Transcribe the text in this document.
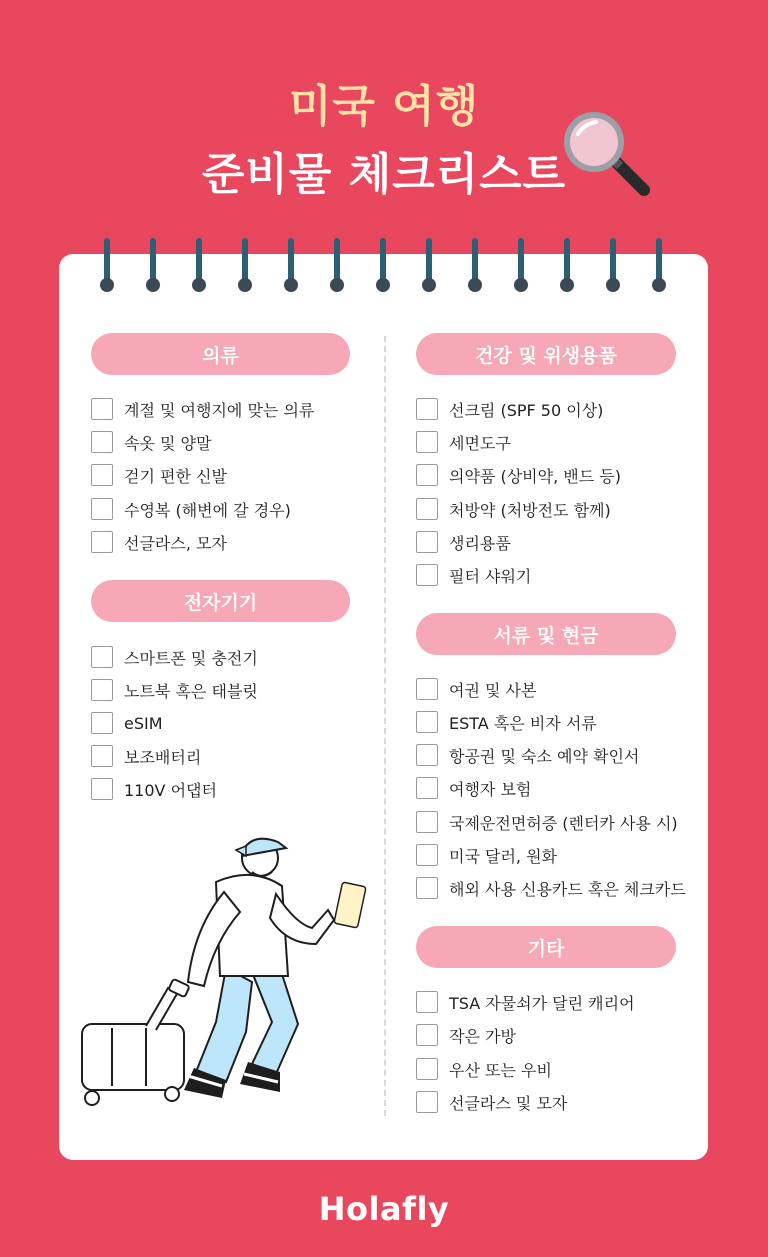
미국 여행
준비물 체크리스트
의류
계절 및 여행지에 맞는 의류
속옷 및 양말
걷기 편한 신발
수영복 (해변에 갈 경우)
선글라스, 모자
전자기기
스마트폰 및 충전기
노트북 혹은 태블릿
eSIM
보조배터리
110V 어댑터
건강 및 위생용품
선크림 (SPF 50 이상)
세면도구
의약품 (상비약, 밴드 등)
처방약 (처방전도 함께)
생리용품
필터 샤워기
서류 및 현금
여권 및 사본
ESTA 혹은 비자 서류
항공권 및 숙소 예약 확인서
여행자 보험
국제운전면허증 (렌터카 사용 시)
미국 달러, 원화
해외 사용 신용카드 혹은 체크카드
기타
TSA 자물쇠가 달린 캐리어
작은 가방
우산 또는 우비
선글라스 및 모자
Holafly
